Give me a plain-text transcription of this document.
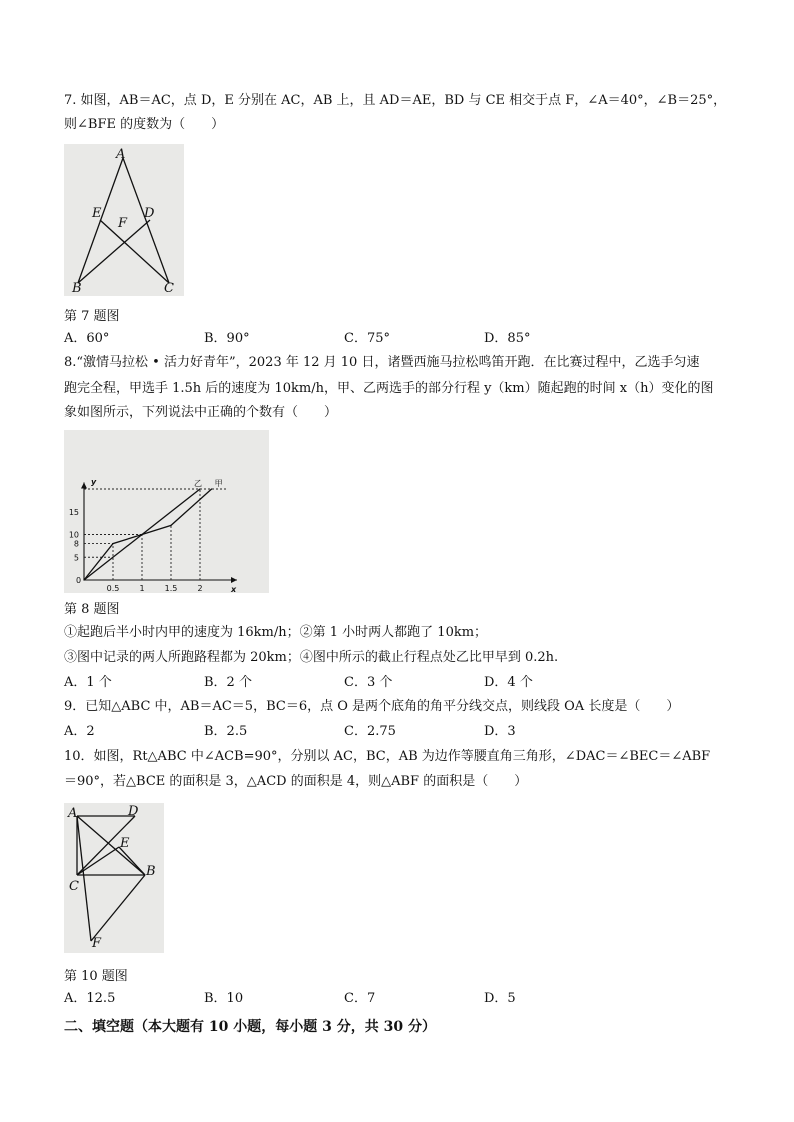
7. 如图，AB＝AC，点 D，E 分别在 AC，AB 上，且 AD＝AE，BD 与 CE 相交于点 F，∠A＝40°，∠B＝25°，
则∠BFE 的度数为（　　）
A
E	D
F
B	C
第 7 题图
A．60°	B．90°	C．75°	D．85°
8.“激情马拉松 • 活力好青年”，2023 年 12 月 10 日，诸暨西施马拉松鸣笛开跑．在比赛过程中，乙选手匀速
跑完全程，甲选手 1.5h 后的速度为 10km/h，甲、乙两选手的部分行程 y（km）随起跑的时间 x（h）变化的图
象如图所示，下列说法中正确的个数有（　　）
y
x
0
5
8
10
15
0.5	1	1.5	2
甲
乙
第 8 题图
①起跑后半小时内甲的速度为 16km/h；②第 1 小时两人都跑了 10km；
③图中记录的两人所跑路程都为 20km；④图中所示的截止行程点处乙比甲早到 0.2h.
A．1 个	B．2 个	C．3 个	D．4 个
9．已知△ABC 中，AB＝AC＝5，BC＝6，点 O 是两个底角的角平分线交点，则线段 OA 长度是（　　）
A．2	B．2.5	C．2.75	D．3
10．如图，Rt△ABC 中∠ACB=90°，分别以 AC，BC，AB 为边作等腰直角三角形，∠DAC＝∠BEC＝∠ABF
＝90°，若△BCE 的面积是 3，△ACD 的面积是 4，则△ABF 的面积是（　　）
A	D
E
C
B
F
第 10 题图
A．12.5	B．10	C．7	D．5
二、填空题（本大题有 10 小题，每小题 3 分，共 30 分）
